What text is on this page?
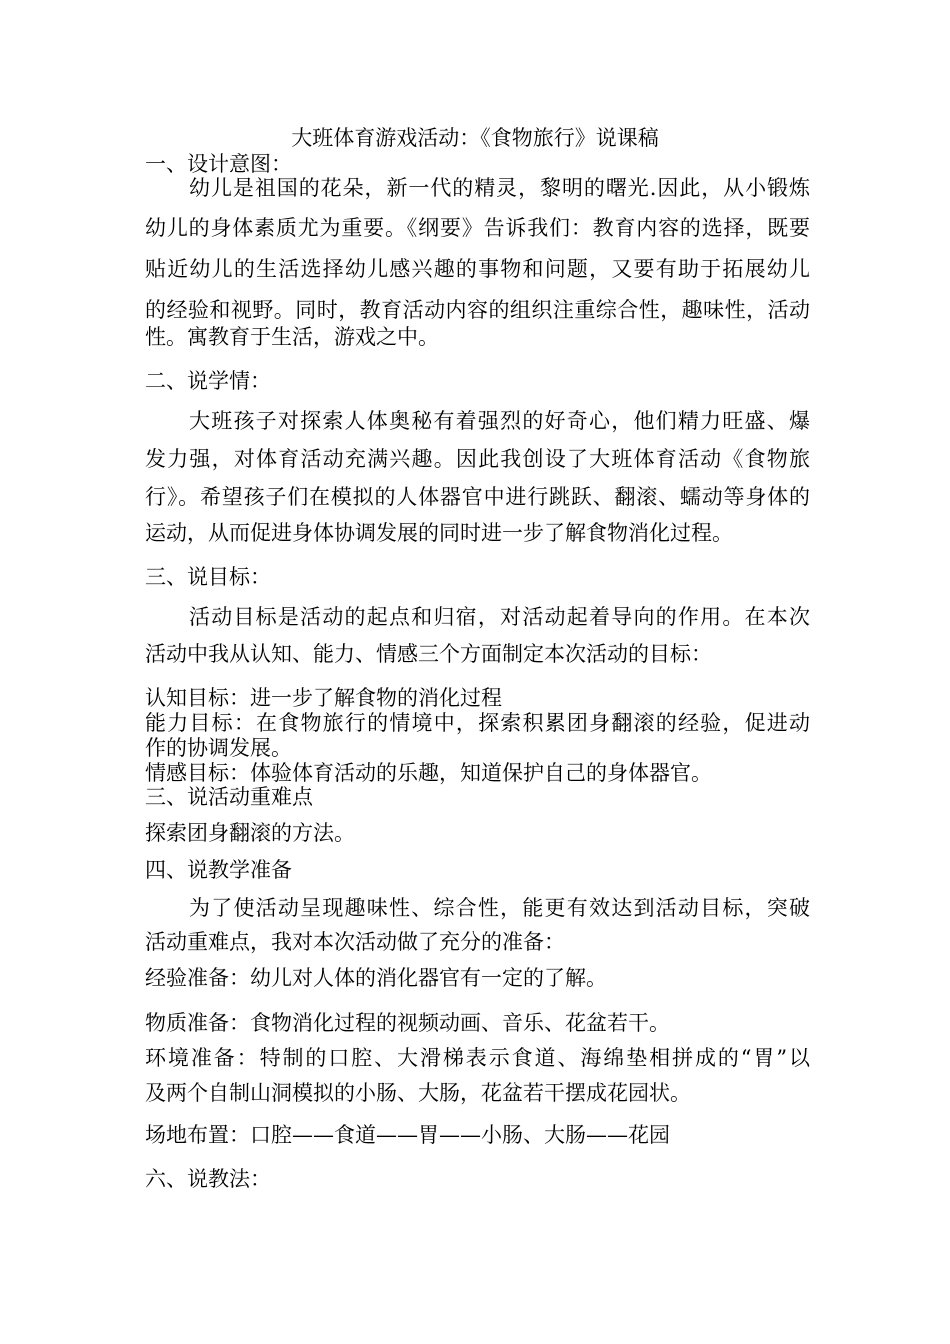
大班体育游戏活动：《食物旅行》说课稿
一、设计意图：
幼儿是祖国的花朵，新一代的精灵，黎明的曙光.因此，从小锻炼
幼儿的身体素质尤为重要。《纲要》告诉我们：教育内容的选择，既要
贴近幼儿的生活选择幼儿感兴趣的事物和问题，又要有助于拓展幼儿
的经验和视野。同时，教育活动内容的组织注重综合性，趣味性，活动
性。寓教育于生活，游戏之中。
二、说学情：
大班孩子对探索人体奥秘有着强烈的好奇心，他们精力旺盛、爆
发力强，对体育活动充满兴趣。因此我创设了大班体育活动《食物旅
行》。希望孩子们在模拟的人体器官中进行跳跃、翻滚、蠕动等身体的
运动，从而促进身体协调发展的同时进一步了解食物消化过程。
三、说目标：
活动目标是活动的起点和归宿，对活动起着导向的作用。在本次
活动中我从认知、能力、情感三个方面制定本次活动的目标：
认知目标：进一步了解食物的消化过程
能力目标：在食物旅行的情境中，探索积累团身翻滚的经验，促进动
作的协调发展。
情感目标：体验体育活动的乐趣，知道保护自己的身体器官。
三、说活动重难点
探索团身翻滚的方法。
四、说教学准备
为了使活动呈现趣味性、综合性，能更有效达到活动目标，突破
活动重难点，我对本次活动做了充分的准备：
经验准备：幼儿对人体的消化器官有一定的了解。
物质准备：食物消化过程的视频动画、音乐、花盆若干。
环境准备：特制的口腔、大滑梯表示食道、海绵垫相拼成的“胃”以
及两个自制山洞模拟的小肠、大肠，花盆若干摆成花园状。
场地布置：口腔——食道——胃——小肠、大肠——花园
六、说教法：
